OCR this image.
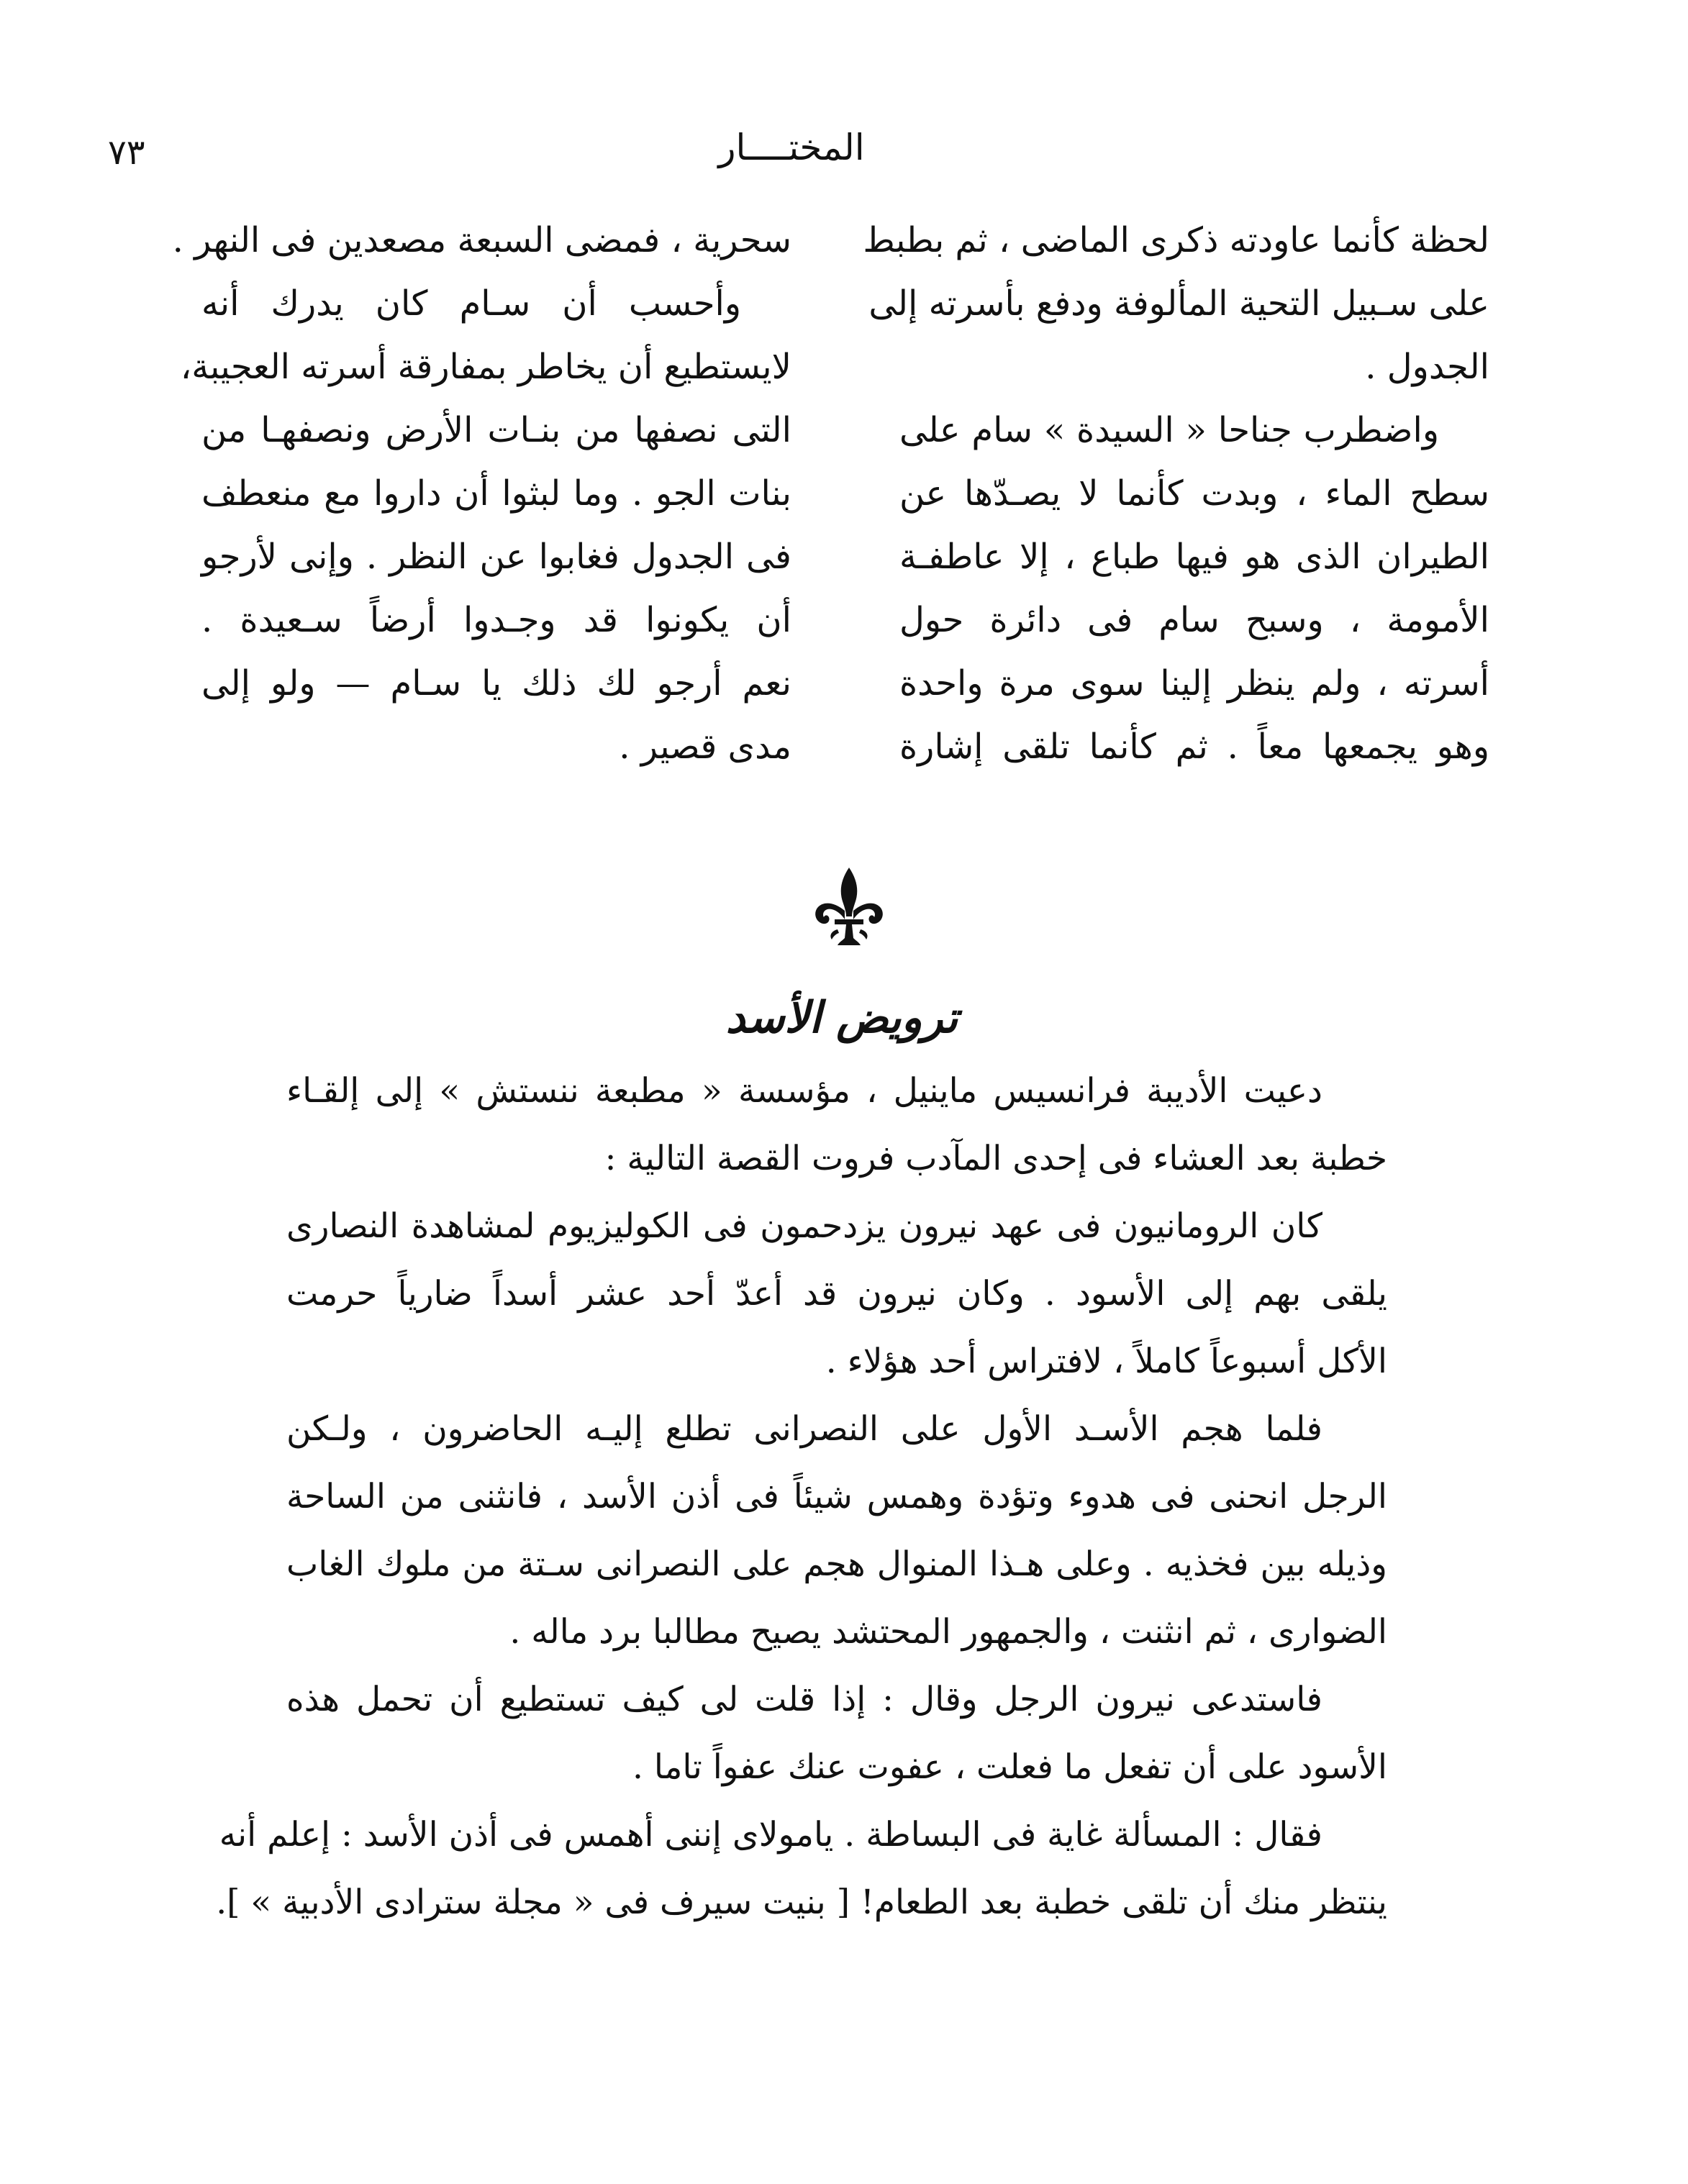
٧٣	المختــــار
لحظة كأنما عاودته ذكرى الماضى ، ثم بطبط
على سـبيل التحية المألوفة ودفع بأسرته إلى
الجدول .
واضطرب جناحا « السيدة » سام على
سطح الماء ، وبدت كأنما لا يصـدّها عن
الطيران الذى هو فيها طباع ، إلا عاطفـة
الأمومة ، وسبح سام فى دائرة حول
أسرته ، ولم ينظر إلينا سوى مرة واحدة
وهو يجمعها معاً . ثم كأنما تلقى إشارة
سحرية ، فمضى السبعة مصعدين فى النهر .
وأحسب أن سـام كان يدرك أنه
لايستطيع أن يخاطر بمفارقة أسرته العجيبة،
التى نصفها من بنـات الأرض ونصفهـا من
بنات الجو . وما لبثوا أن داروا مع منعطف
فى الجدول فغابوا عن النظر . وإنى لأرجو
أن يكونوا قد وجـدوا أرضاً سـعيدة .
نعم أرجو لك ذلك يا سـام — ولو إلى
مدى قصير .
ترويض الأسد
دعيت الأديبة فرانسيس ماينيل ، مؤسسة « مطبعة ننستش » إلى إلقـاء
خطبة بعد العشاء فى إحدى المآدب فروت القصة التالية :
كان الرومانيون فى عهد نيرون يزدحمون فى الكوليزيوم لمشاهدة النصارى
يلقى بهم إلى الأسود . وكان نيرون قد أعدّ أحد عشر أسداً ضارياً حرمت
الأكل أسبوعاً كاملاً ، لافتراس أحد هؤلاء .
فلما هجم الأسـد الأول على النصرانى تطلع إليـه الحاضرون ، ولـكن
الرجل انحنى فى هدوء وتؤدة وهمس شيئاً فى أذن الأسد ، فانثنى من الساحة
وذيله بين فخذيه . وعلى هـذا المنوال هجم على النصرانى سـتة من ملوك الغاب
الضوارى ، ثم انثنت ، والجمهور المحتشد يصيح مطالبا برد ماله .
فاستدعى نيرون الرجل وقال : إذا قلت لى كيف تستطيع أن تحمل هذه
الأسود على أن تفعل ما فعلت ، عفوت عنك عفواً تاما .
فقال : المسألة غاية فى البساطة . يامولاى إننى أهمس فى أذن الأسد : إعلم أنه
ينتظر منك أن تلقى خطبة بعد الطعام! [ بنيت سيرف فى « مجلة سترادى الأدبية » ].
